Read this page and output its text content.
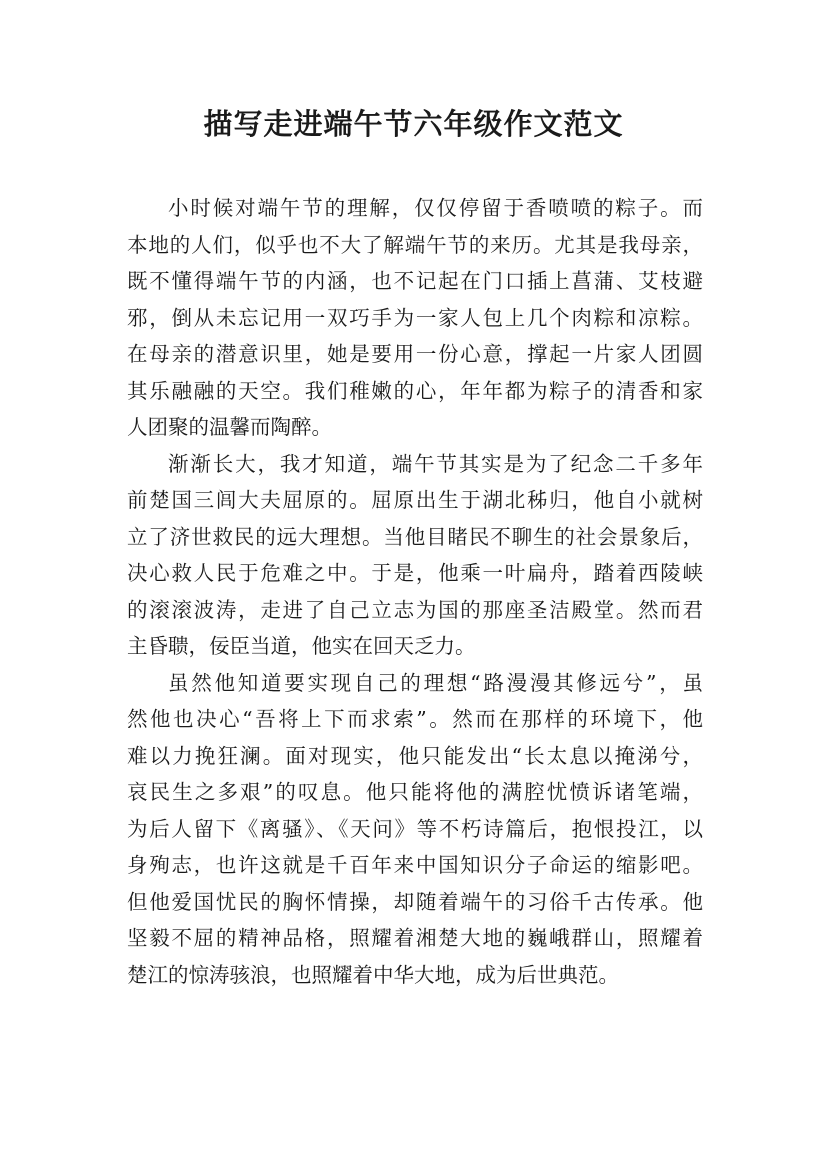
描写走进端午节六年级作文范文
小时候对端午节的理解，仅仅停留于香喷喷的粽子。而
本地的人们，似乎也不大了解端午节的来历。尤其是我母亲，
既不懂得端午节的内涵，也不记起在门口插上菖蒲、艾枝避
邪，倒从未忘记用一双巧手为一家人包上几个肉粽和凉粽。
在母亲的潜意识里，她是要用一份心意，撑起一片家人团圆
其乐融融的天空。我们稚嫩的心，年年都为粽子的清香和家
人团聚的温馨而陶醉。
渐渐长大，我才知道，端午节其实是为了纪念二千多年
前楚国三闾大夫屈原的。屈原出生于湖北秭归，他自小就树
立了济世救民的远大理想。当他目睹民不聊生的社会景象后，
决心救人民于危难之中。于是，他乘一叶扁舟，踏着西陵峡
的滚滚波涛，走进了自己立志为国的那座圣洁殿堂。然而君
主昏聩，佞臣当道，他实在回天乏力。
虽然他知道要实现自己的理想“路漫漫其修远兮”，虽
然他也决心“吾将上下而求索”。然而在那样的环境下，他
难以力挽狂澜。面对现实，他只能发出“长太息以掩涕兮，
哀民生之多艰”的叹息。他只能将他的满腔忧愤诉诸笔端，
为后人留下《离骚》、《天问》等不朽诗篇后，抱恨投江，以
身殉志，也许这就是千百年来中国知识分子命运的缩影吧。
但他爱国忧民的胸怀情操，却随着端午的习俗千古传承。他
坚毅不屈的精神品格，照耀着湘楚大地的巍峨群山，照耀着
楚江的惊涛骇浪，也照耀着中华大地，成为后世典范。
